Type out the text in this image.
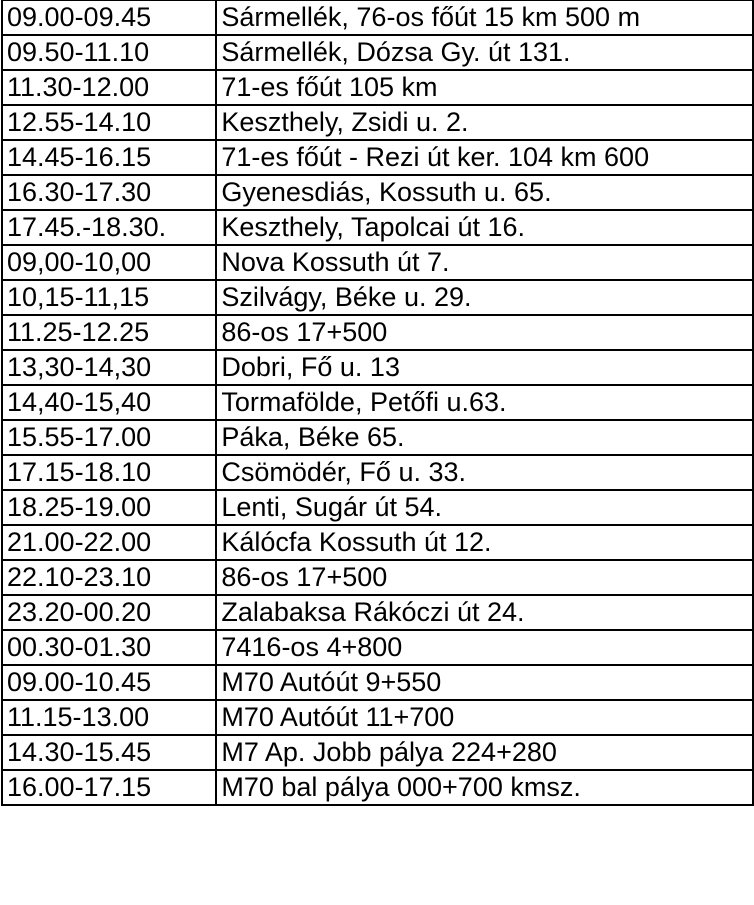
09.00-09.45	Sármellék, 76-os főút 15 km 500 m
09.50-11.10	Sármellék, Dózsa Gy. út 131.
11.30-12.00	71-es főút 105 km
12.55-14.10	Keszthely, Zsidi u. 2.
14.45-16.15	71-es főút - Rezi út ker. 104 km 600
16.30-17.30	Gyenesdiás, Kossuth u. 65.
17.45.-18.30.	Keszthely, Tapolcai út 16.
09,00-10,00	Nova Kossuth út 7.
10,15-11,15	Szilvágy, Béke u. 29.
11.25-12.25	86-os 17+500
13,30-14,30	Dobri, Fő u. 13
14,40-15,40	Tormafölde, Petőfi u.63.
15.55-17.00	Páka, Béke 65.
17.15-18.10	Csömödér, Fő u. 33.
18.25-19.00	Lenti, Sugár út 54.
21.00-22.00	Kálócfa Kossuth út 12.
22.10-23.10	86-os 17+500
23.20-00.20	Zalabaksa Rákóczi út 24.
00.30-01.30	7416-os 4+800
09.00-10.45	M70 Autóút 9+550
11.15-13.00	M70 Autóút 11+700
14.30-15.45	M7 Ap. Jobb pálya 224+280
16.00-17.15	M70 bal pálya 000+700 kmsz.
